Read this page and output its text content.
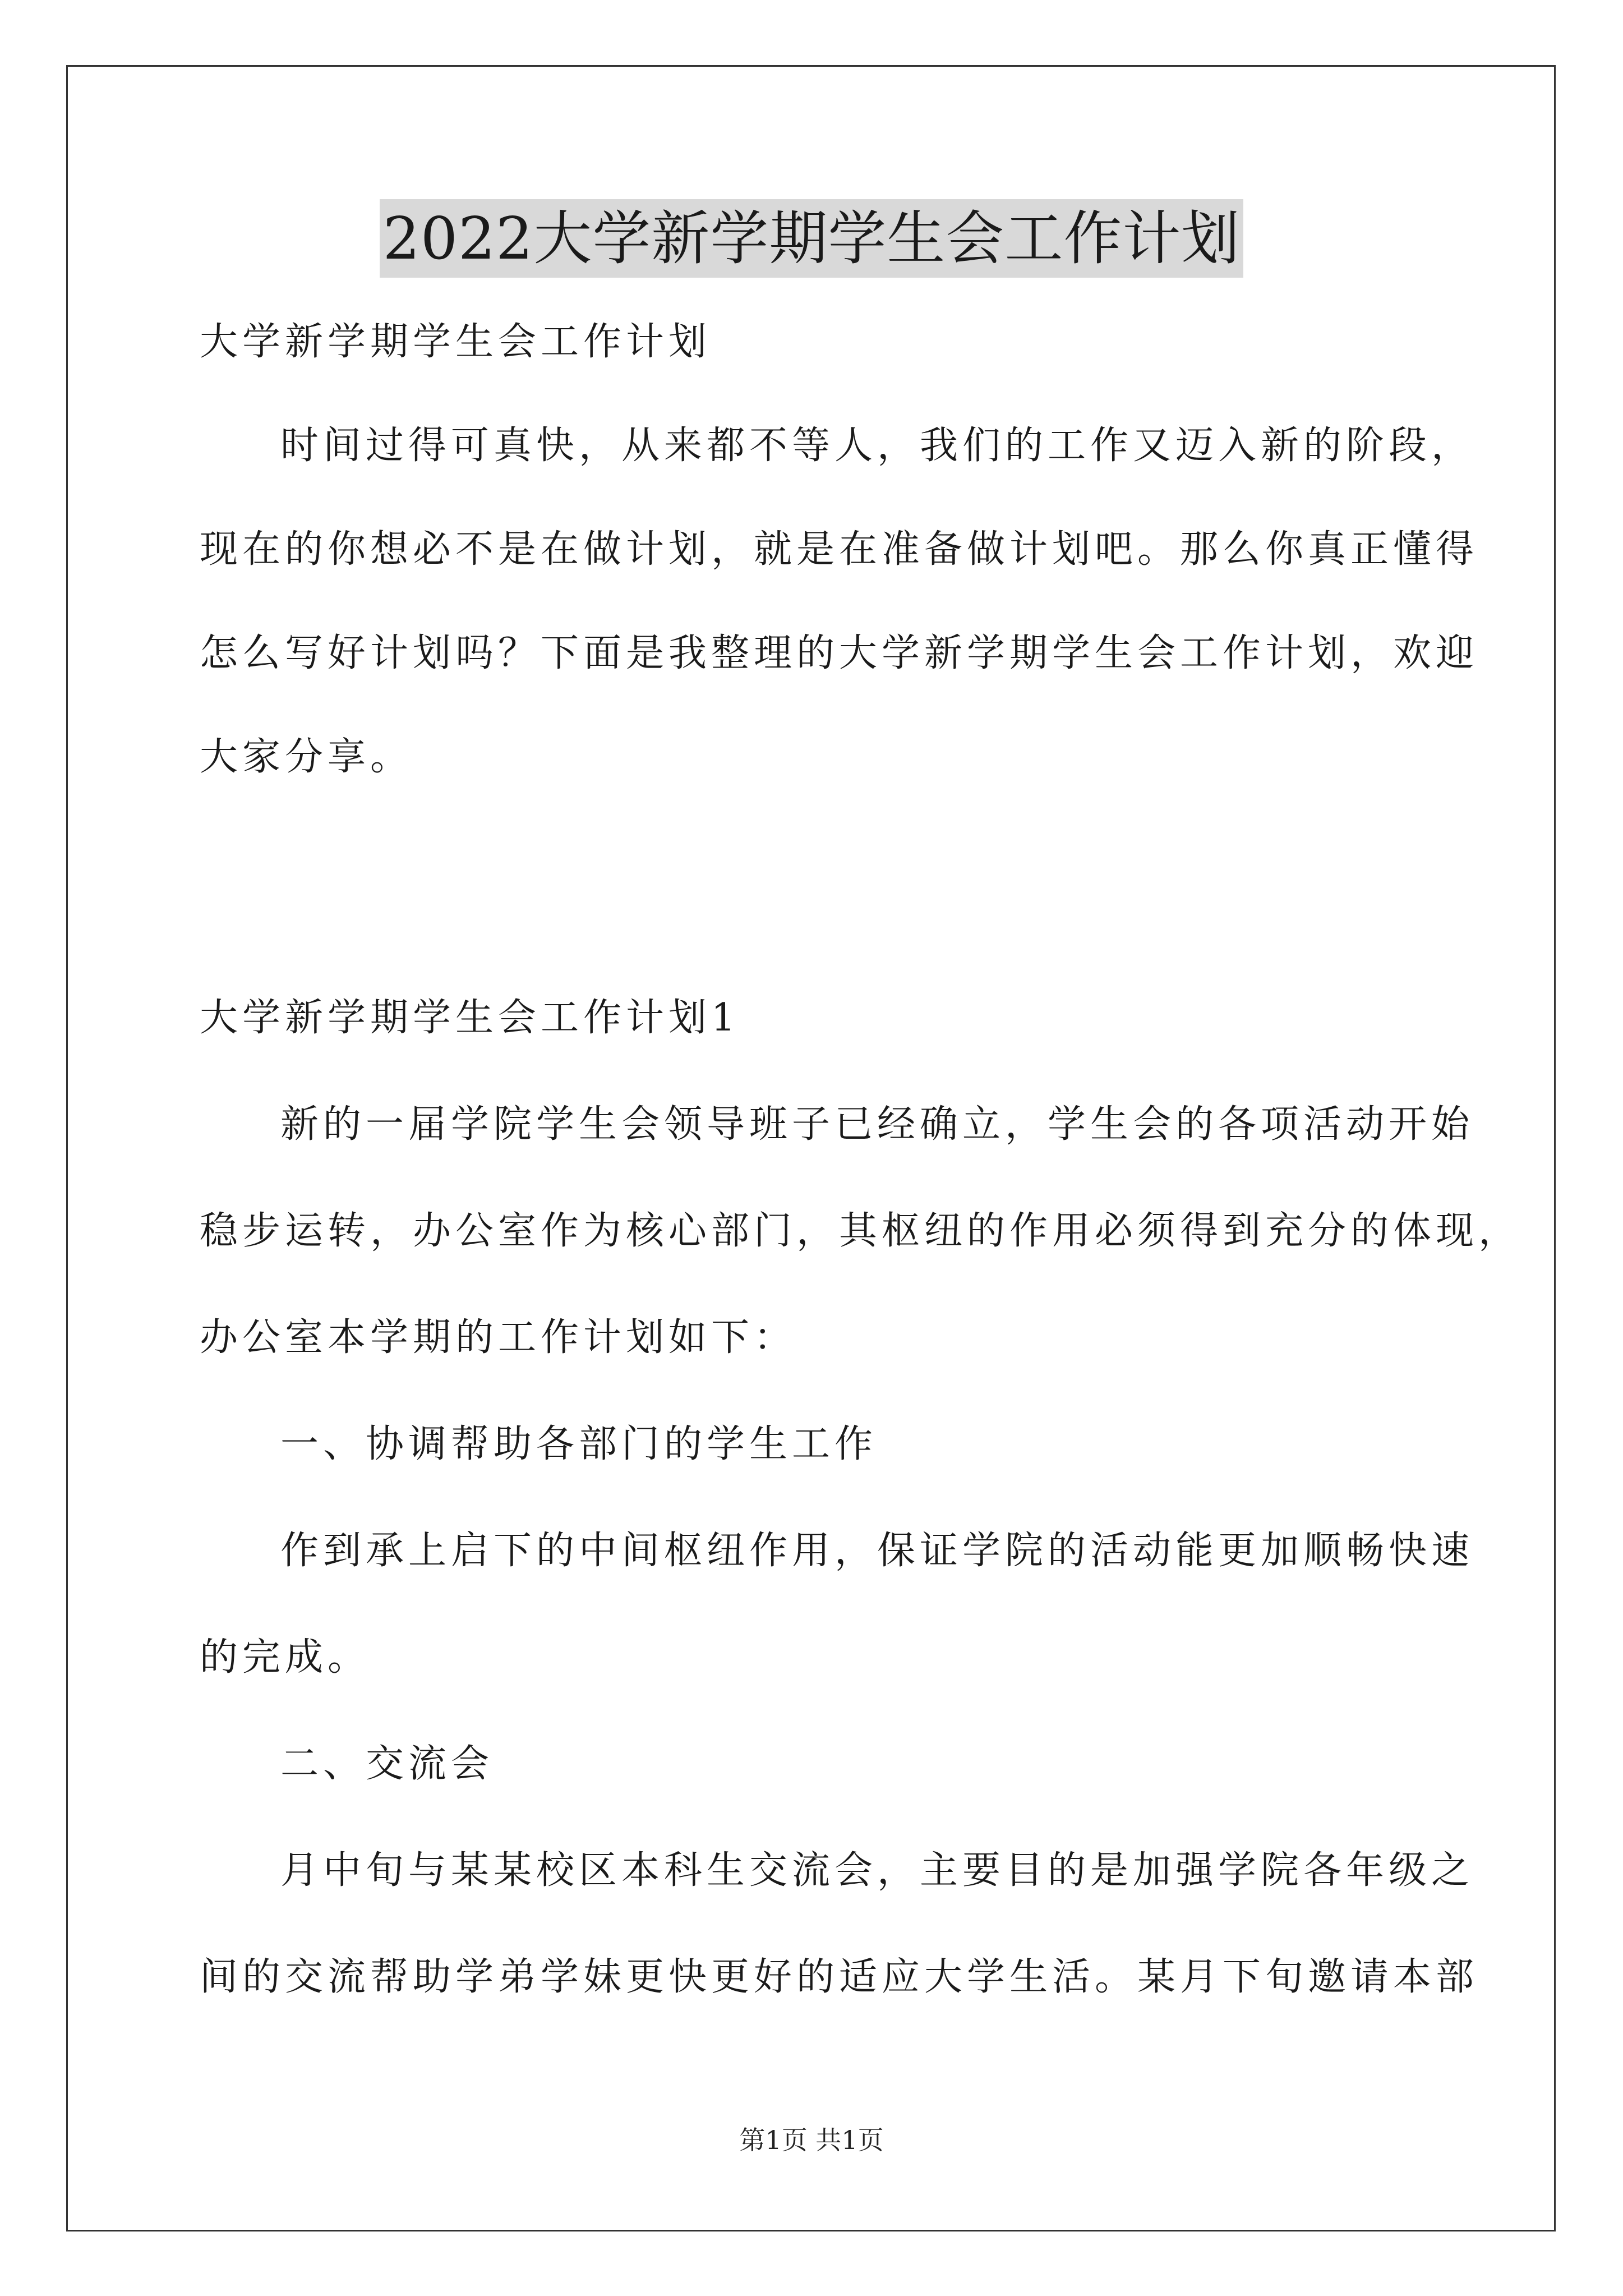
2022大学新学期学生会工作计划
大学新学期学生会工作计划
时间过得可真快，从来都不等人，我们的工作又迈入新的阶段，
现在的你想必不是在做计划，就是在准备做计划吧。那么你真正懂得
怎么写好计划吗？下面是我整理的大学新学期学生会工作计划，欢迎
大家分享。
大学新学期学生会工作计划1
新的一届学院学生会领导班子已经确立，学生会的各项活动开始
稳步运转，办公室作为核心部门，其枢纽的作用必须得到充分的体现，
办公室本学期的工作计划如下：
一、协调帮助各部门的学生工作
作到承上启下的中间枢纽作用，保证学院的活动能更加顺畅快速
的完成。
二、交流会
月中旬与某某校区本科生交流会，主要目的是加强学院各年级之
间的交流帮助学弟学妹更快更好的适应大学生活。某月下旬邀请本部
第1页 共1页
